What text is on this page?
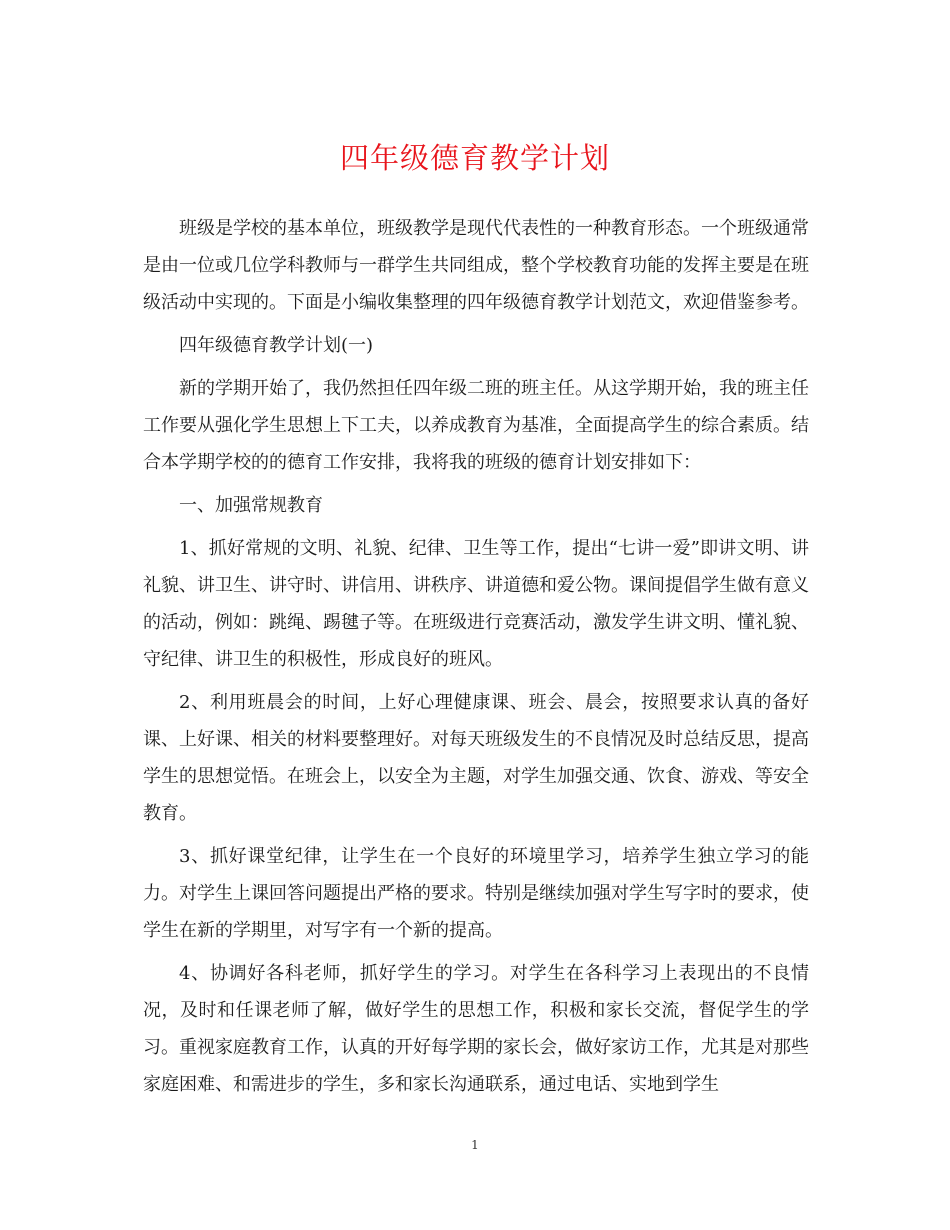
四年级德育教学计划

班级是学校的基本单位，班级教学是现代代表性的一种教育形态。一个班级通常是由一位或几位学科教师与一群学生共同组成，整个学校教育功能的发挥主要是在班级活动中实现的。下面是小编收集整理的四年级德育教学计划范文，欢迎借鉴参考。

四年级德育教学计划(一)

新的学期开始了，我仍然担任四年级二班的班主任。从这学期开始，我的班主任工作要从强化学生思想上下工夫，以养成教育为基准，全面提高学生的综合素质。结合本学期学校的的德育工作安排，我将我的班级的德育计划安排如下：

一、加强常规教育

1、抓好常规的文明、礼貌、纪律、卫生等工作，提出“七讲一爱”即讲文明、讲礼貌、讲卫生、讲守时、讲信用、讲秩序、讲道德和爱公物。课间提倡学生做有意义的活动，例如：跳绳、踢毽子等。在班级进行竞赛活动，激发学生讲文明、懂礼貌、守纪律、讲卫生的积极性，形成良好的班风。

2、利用班晨会的时间，上好心理健康课、班会、晨会，按照要求认真的备好课、上好课、相关的材料要整理好。对每天班级发生的不良情况及时总结反思，提高学生的思想觉悟。在班会上，以安全为主题，对学生加强交通、饮食、游戏、等安全教育。

3、抓好课堂纪律，让学生在一个良好的环境里学习，培养学生独立学习的能力。对学生上课回答问题提出严格的要求。特别是继续加强对学生写字时的要求，使学生在新的学期里，对写字有一个新的提高。

4、协调好各科老师，抓好学生的学习。对学生在各科学习上表现出的不良情况，及时和任课老师了解，做好学生的思想工作，积极和家长交流，督促学生的学习。重视家庭教育工作，认真的开好每学期的家长会，做好家访工作，尤其是对那些家庭困难、和需进步的学生，多和家长沟通联系，通过电话、实地到学生

1
